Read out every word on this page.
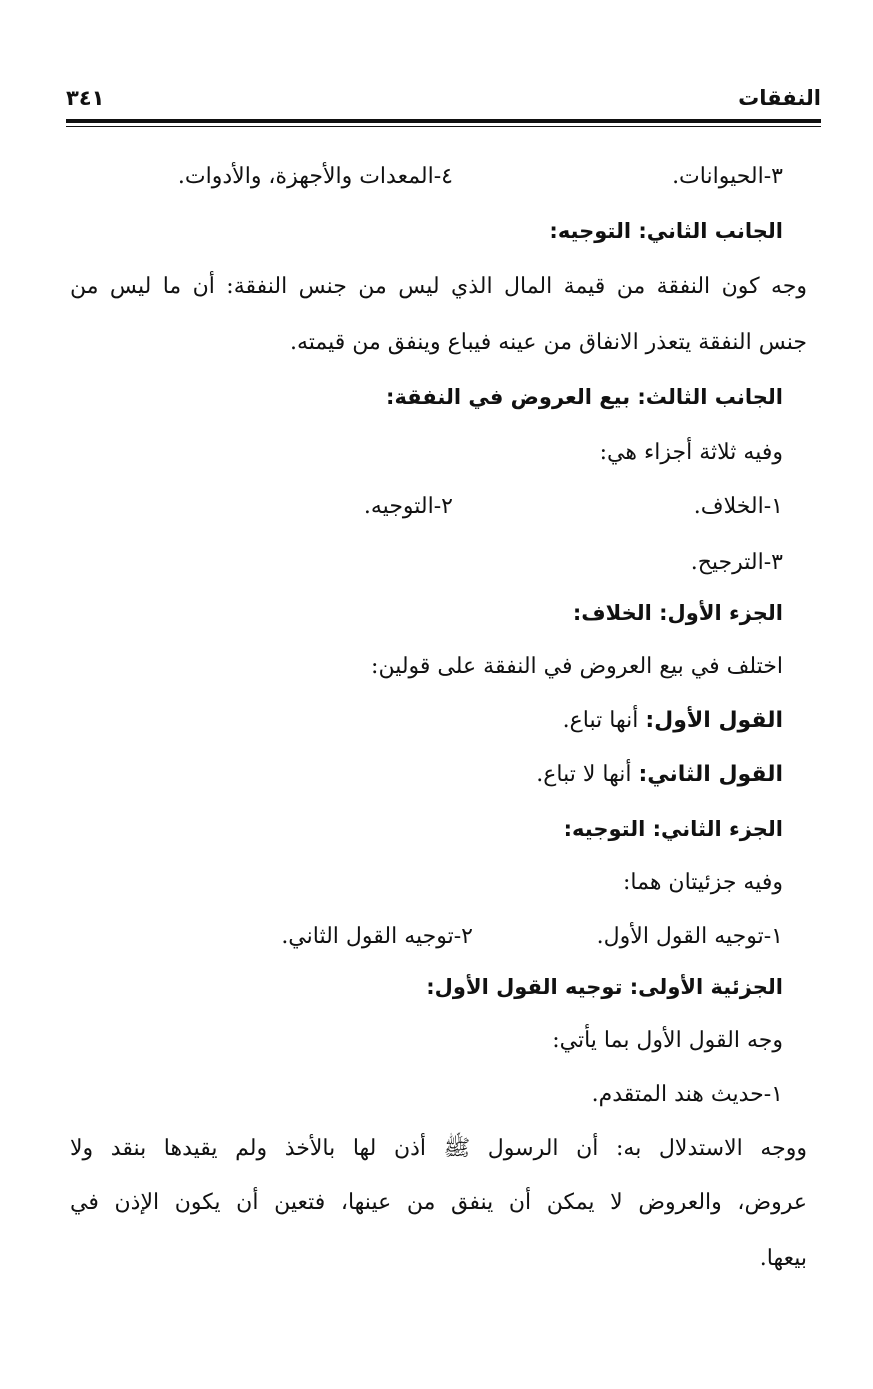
النفقات
٣٤١
٣-الحيوانات.
٤-المعدات والأجهزة، والأدوات.
الجانب الثاني: التوجيه:
وجه كون النفقة من قيمة المال الذي ليس من جنس النفقة: أن ما ليس من
جنس النفقة يتعذر الانفاق من عينه فيباع وينفق من قيمته.
الجانب الثالث: بيع العروض في النفقة:
وفيه ثلاثة أجزاء هي:
١-الخلاف.
٢-التوجيه.
٣-الترجيح.
الجزء الأول: الخلاف:
اختلف في بيع العروض في النفقة على قولين:
القول الأول: أنها تباع.
القول الثاني: أنها لا تباع.
الجزء الثاني: التوجيه:
وفيه جزئيتان هما:
١-توجيه القول الأول.
٢-توجيه القول الثاني.
الجزئية الأولى: توجيه القول الأول:
وجه القول الأول بما يأتي:
١-حديث هند المتقدم.
ووجه الاستدلال به: أن الرسول ﷺ أذن لها بالأخذ ولم يقيدها بنقد ولا
عروض، والعروض لا يمكن أن ينفق من عينها، فتعين أن يكون الإذن في
بيعها.
